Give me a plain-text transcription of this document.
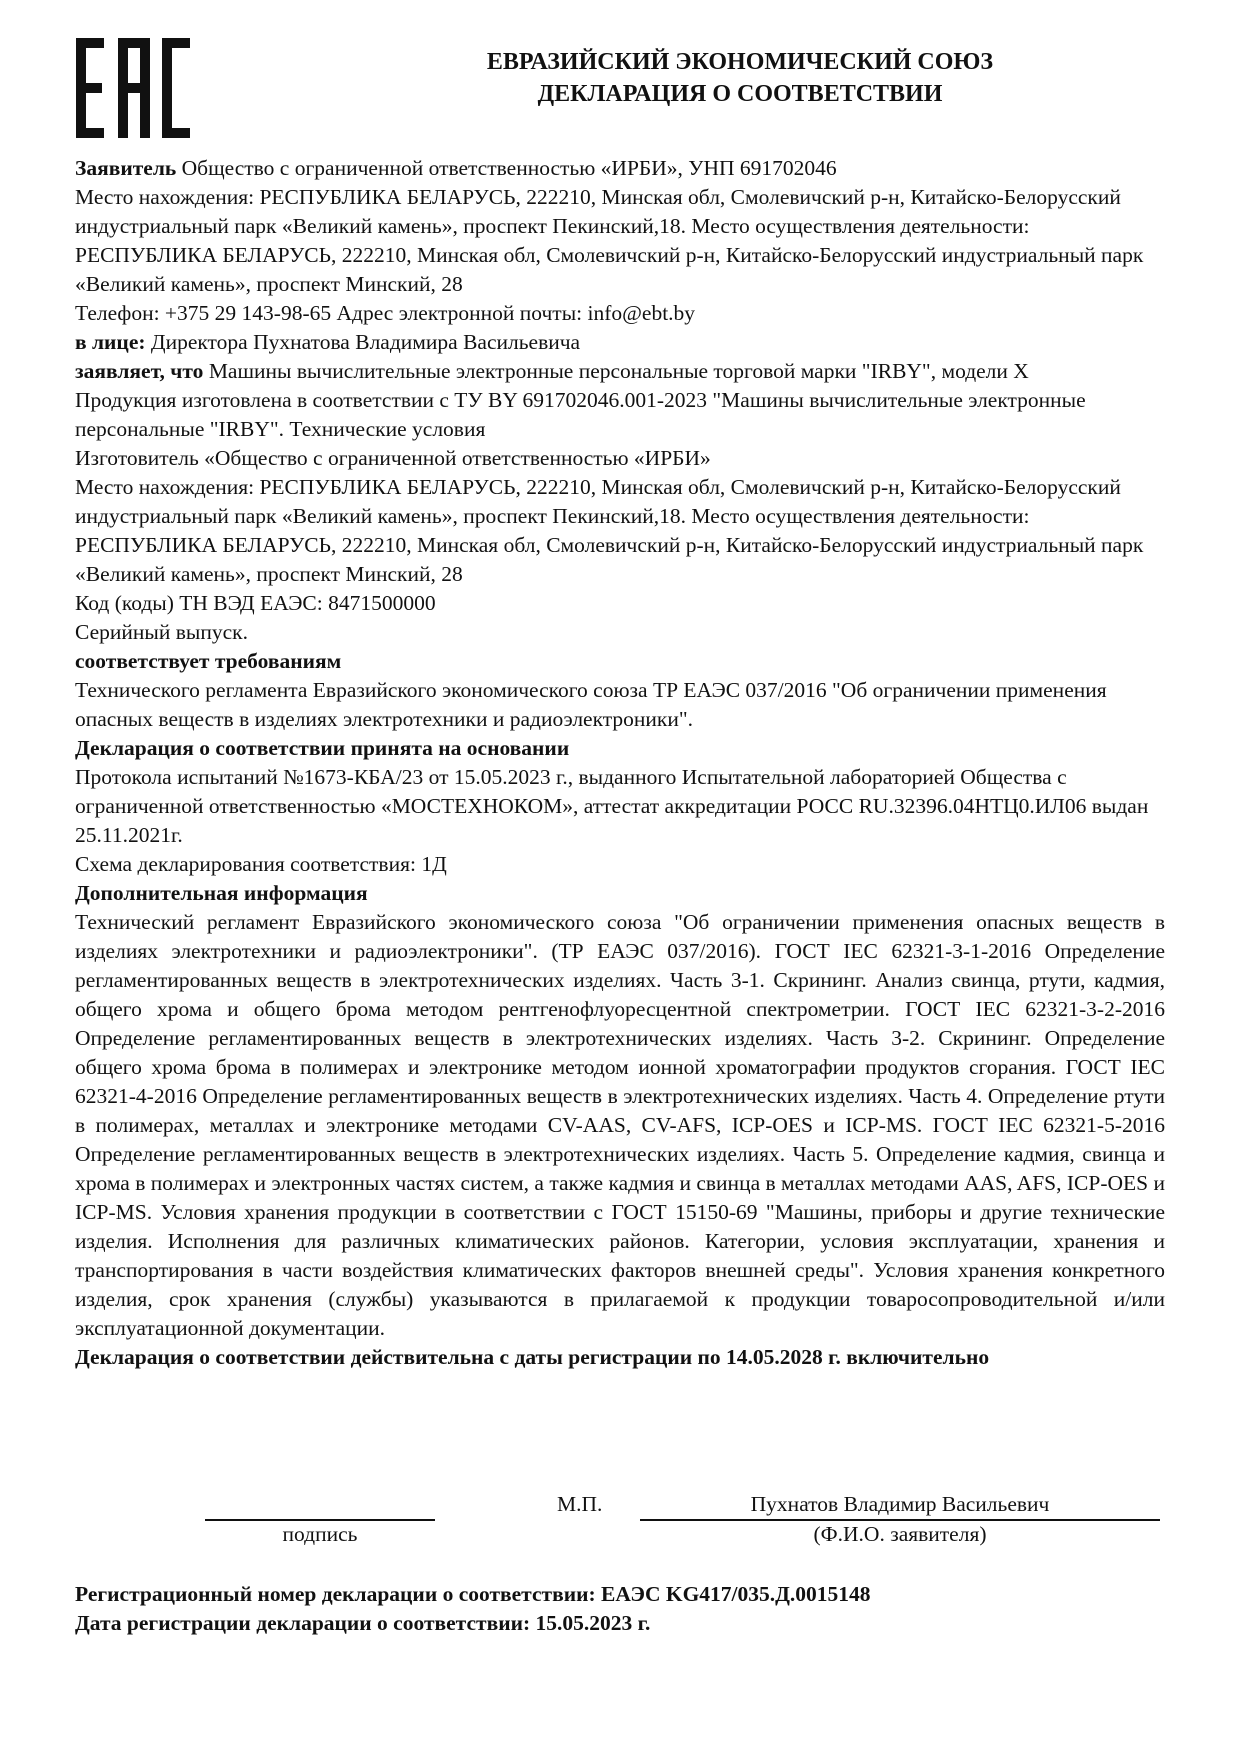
ЕВРАЗИЙСКИЙ ЭКОНОМИЧЕСКИЙ СОЮЗ
ДЕКЛАРАЦИЯ О СООТВЕТСТВИИ

Заявитель Общество с ограниченной ответственностью «ИРБИ», УНП 691702046

Место нахождения: РЕСПУБЛИКА БЕЛАРУСЬ, 222210, Минская обл, Смолевичский р-н, Китайско-Белорусский индустриальный парк «Великий камень», проспект Пекинский,18. Место осуществления деятельности: РЕСПУБЛИКА БЕЛАРУСЬ, 222210, Минская обл, Смолевичский р-н, Китайско-Белорусский индустриальный парк «Великий камень», проспект Минский, 28

Телефон: +375 29 143-98-65 Адрес электронной почты: info@ebt.by

в лице: Директора Пухнатова Владимира Васильевича

заявляет, что Машины вычислительные электронные персональные торговой марки "IRBY", модели X

Продукция изготовлена в соответствии с ТУ BY 691702046.001-2023 "Машины вычислительные электронные персональные "IRBY". Технические условия

Изготовитель «Общество с ограниченной ответственностью «ИРБИ»

Место нахождения: РЕСПУБЛИКА БЕЛАРУСЬ, 222210, Минская обл, Смолевичский р-н, Китайско-Белорусский индустриальный парк «Великий камень», проспект Пекинский,18. Место осуществления деятельности: РЕСПУБЛИКА БЕЛАРУСЬ, 222210, Минская обл, Смолевичский р-н, Китайско-Белорусский индустриальный парк «Великий камень», проспект Минский, 28

Код (коды) ТН ВЭД ЕАЭС: 8471500000

Серийный выпуск.

соответствует требованиям

Технического регламента Евразийского экономического союза ТР ЕАЭС 037/2016 "Об ограничении применения опасных веществ в изделиях электротехники и радиоэлектроники".

Декларация о соответствии принята на основании

Протокола испытаний №1673-КБА/23 от 15.05.2023 г., выданного Испытательной лабораторией Общества с ограниченной ответственностью «МОСТЕХНОКОМ», аттестат аккредитации РОСС RU.32396.04НТЦ0.ИЛ06 выдан 25.11.2021г.

Схема декларирования соответствия: 1Д

Дополнительная информация

Технический регламент Евразийского экономического союза "Об ограничении применения опасных веществ в изделиях электротехники и радиоэлектроники". (ТР ЕАЭС 037/2016). ГОСТ IEC 62321-3-1-2016 Определение регламентированных веществ в электротехнических изделиях. Часть 3-1. Скрининг. Анализ свинца, ртути, кадмия, общего хрома и общего брома методом рентгенофлуоресцентной спектрометрии. ГОСТ IEC 62321-3-2-2016 Определение регламентированных веществ в электротехнических изделиях. Часть 3-2. Скрининг. Определение общего хрома брома в полимерах и электронике методом ионной хроматографии продуктов сгорания. ГОСТ IEC 62321-4-2016 Определение регламентированных веществ в электротехнических изделиях. Часть 4. Определение ртути в полимерах, металлах и электронике методами CV-AAS, CV-AFS, ICP-OES и ICP-MS. ГОСТ IEC 62321-5-2016 Определение регламентированных веществ в электротехнических изделиях. Часть 5. Определение кадмия, свинца и хрома в полимерах и электронных частях систем, а также кадмия и свинца в металлах методами AAS, AFS, ICP-OES и ICP-MS. Условия хранения продукции в соответствии с ГОСТ 15150-69 "Машины, приборы и другие технические изделия. Исполнения для различных климатических районов. Категории, условия эксплуатации, хранения и транспортирования в части воздействия климатических факторов внешней среды". Условия хранения конкретного изделия, срок хранения (службы) указываются в прилагаемой к продукции товаросопроводительной и/или эксплуатационной документации.

Декларация о соответствии действительна с даты регистрации по 14.05.2028 г. включительно

подпись
М.П.	Пухнатов Владимир Васильевич
(Ф.И.О. заявителя)
Регистрационный номер декларации о соответствии: ЕАЭС KG417/035.Д.0015148
Дата регистрации декларации о соответствии: 15.05.2023 г.
